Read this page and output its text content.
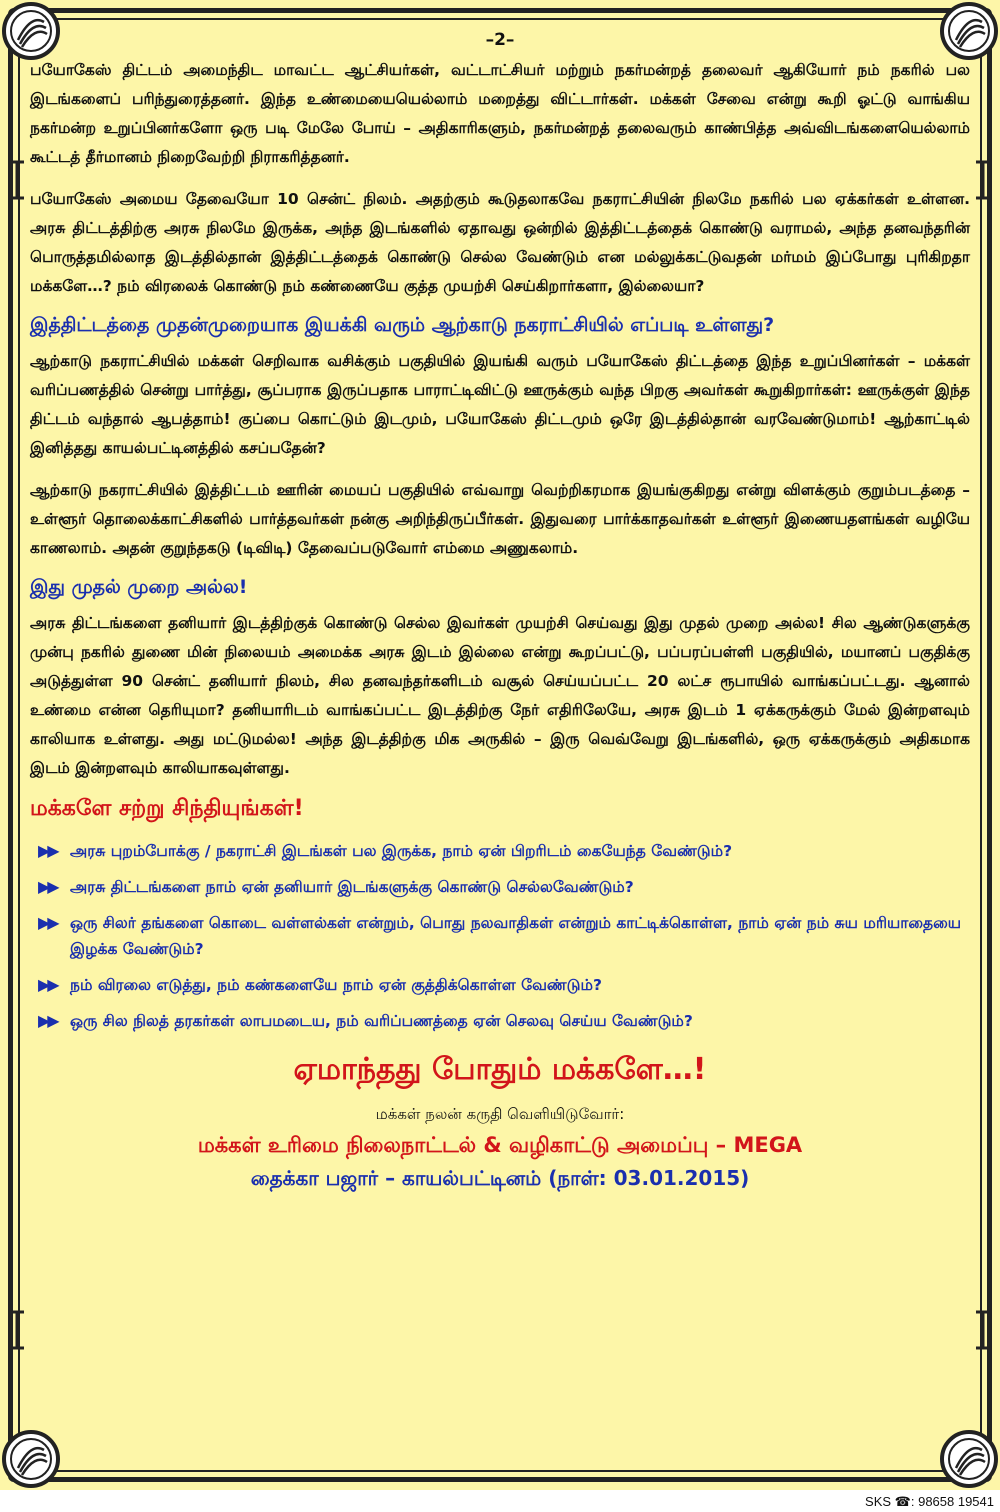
–2–

பயோகேஸ் திட்டம் அமைந்திட மாவட்ட ஆட்சியர்கள், வட்டாட்சியர் மற்றும் நகர்மன்றத் தலைவர் ஆகியோர் நம் நகரில் பல இடங்களைப் பரிந்துரைத்தனர். இந்த உண்மையையெல்லாம் மறைத்து விட்டார்கள். மக்கள் சேவை என்று கூறி ஓட்டு வாங்கிய நகர்மன்ற உறுப்பினர்களோ ஒரு படி மேலே போய் – அதிகாரிகளும், நகர்மன்றத் தலைவரும் காண்பித்த அவ்விடங்களையெல்லாம் கூட்டத் தீர்மானம் நிறைவேற்றி நிராகரித்தனர்.

பயோகேஸ் அமைய தேவையோ 10 சென்ட் நிலம். அதற்கும் கூடுதலாகவே நகராட்சியின் நிலமே நகரில் பல ஏக்கர்கள் உள்ளன. அரசு திட்டத்திற்கு அரசு நிலமே இருக்க, அந்த இடங்களில் ஏதாவது ஒன்றில் இத்திட்டத்தைக் கொண்டு வராமல், அந்த தனவந்தரின் பொருத்தமில்லாத இடத்தில்தான் இத்திட்டத்தைக் கொண்டு செல்ல வேண்டும் என மல்லுக்கட்டுவதன் மர்மம் இப்போது புரிகிறதா மக்களே…? நம் விரலைக் கொண்டு நம் கண்ணையே குத்த முயற்சி செய்கிறார்களா, இல்லையா?

இத்திட்டத்தை முதன்முறையாக இயக்கி வரும் ஆற்காடு நகராட்சியில் எப்படி உள்ளது?

ஆற்காடு நகராட்சியில் மக்கள் செறிவாக வசிக்கும் பகுதியில் இயங்கி வரும் பயோகேஸ் திட்டத்தை இந்த உறுப்பினர்கள் – மக்கள் வரிப்பணத்தில் சென்று பார்த்து, சூப்பராக இருப்பதாக பாராட்டிவிட்டு ஊருக்கும் வந்த பிறகு அவர்கள் கூறுகிறார்கள்: ஊருக்குள் இந்த திட்டம் வந்தால் ஆபத்தாம்! குப்பை கொட்டும் இடமும், பயோகேஸ் திட்டமும் ஒரே இடத்தில்தான் வரவேண்டுமாம்! ஆற்காட்டில் இனித்தது காயல்பட்டினத்தில் கசப்பதேன்?

ஆற்காடு நகராட்சியில் இத்திட்டம் ஊரின் மையப் பகுதியில் எவ்வாறு வெற்றிகரமாக இயங்குகிறது என்று விளக்கும் குறும்படத்தை – உள்ளூர் தொலைக்காட்சிகளில் பார்த்தவர்கள் நன்கு அறிந்திருப்பீர்கள். இதுவரை பார்க்காதவர்கள் உள்ளூர் இணையதளங்கள் வழியே காணலாம். அதன் குறுந்தகடு (டிவிடி) தேவைப்படுவோர் எம்மை அணுகலாம்.

இது முதல் முறை அல்ல!

அரசு திட்டங்களை தனியார் இடத்திற்குக் கொண்டு செல்ல இவர்கள் முயற்சி செய்வது இது முதல் முறை அல்ல! சில ஆண்டுகளுக்கு முன்பு நகரில் துணை மின் நிலையம் அமைக்க அரசு இடம் இல்லை என்று கூறப்பட்டு, பப்பரப்பள்ளி பகுதியில், மயானப் பகுதிக்கு அடுத்துள்ள 90 சென்ட் தனியார் நிலம், சில தனவந்தர்களிடம் வசூல் செய்யப்பட்ட 20 லட்ச ரூபாயில் வாங்கப்பட்டது. ஆனால் உண்மை என்ன தெரியுமா? தனியாரிடம் வாங்கப்பட்ட இடத்திற்கு நேர் எதிரிலேயே, அரசு இடம் 1 ஏக்கருக்கும் மேல் இன்றளவும் காலியாக உள்ளது. அது மட்டுமல்ல! அந்த இடத்திற்கு மிக அருகில் – இரு வெவ்வேறு இடங்களில், ஒரு ஏக்கருக்கும் அதிகமாக இடம் இன்றளவும் காலியாகவுள்ளது.

மக்களே சற்று சிந்தியுங்கள்!
▶▶ அரசு புறம்போக்கு / நகராட்சி இடங்கள் பல இருக்க, நாம் ஏன் பிறரிடம் கையேந்த வேண்டும்?
▶▶ அரசு திட்டங்களை நாம் ஏன் தனியார் இடங்களுக்கு கொண்டு செல்லவேண்டும்?
▶▶ ஒரு சிலர் தங்களை கொடை வள்ளல்கள் என்றும், பொது நலவாதிகள் என்றும் காட்டிக்கொள்ள, நாம் ஏன் நம் சுய மரியாதையை இழக்க வேண்டும்?
▶▶ நம் விரலை எடுத்து, நம் கண்களையே நாம் ஏன் குத்திக்கொள்ள வேண்டும்?
▶▶ ஒரு சில நிலத் தரகர்கள் லாபமடைய, நம் வரிப்பணத்தை ஏன் செலவு செய்ய வேண்டும்?
ஏமாந்தது போதும் மக்களே…!
மக்கள் நலன் கருதி வெளியிடுவோர்:
மக்கள் உரிமை நிலைநாட்டல் & வழிகாட்டு அமைப்பு – MEGA
தைக்கா பஜார் – காயல்பட்டினம் (நாள்: 03.01.2015)
SKS ☎: 98658 19541
